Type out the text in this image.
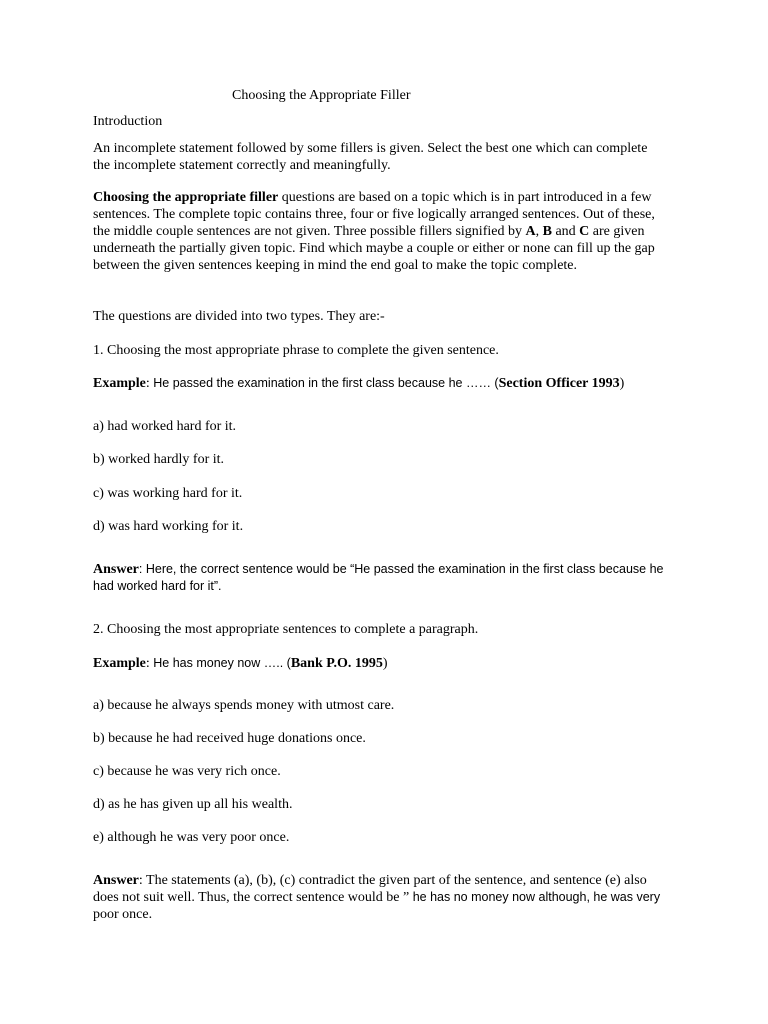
Choosing the Appropriate Filler
Introduction
An incomplete statement followed by some fillers is given. Select the best one which can complete
the incomplete statement correctly and meaningfully.
Choosing the appropriate filler questions are based on a topic which is in part introduced in a few
sentences. The complete topic contains three, four or five logically arranged sentences. Out of these,
the middle couple sentences are not given. Three possible fillers signified by A, B and C are given
underneath the partially given topic. Find which maybe a couple or either or none can fill up the gap
between the given sentences keeping in mind the end goal to make the topic complete.
The questions are divided into two types. They are:-
1. Choosing the most appropriate phrase to complete the given sentence.
Example: He passed the examination in the first class because he …… (Section Officer 1993)
a) had worked hard for it.
b) worked hardly for it.
c) was working hard for it.
d) was hard working for it.
Answer: Here, the correct sentence would be “He passed the examination in the first class because he
had worked hard for it”.
2. Choosing the most appropriate sentences to complete a paragraph.
Example: He has money now ….. (Bank P.O. 1995)
a) because he always spends money with utmost care.
b) because he had received huge donations once.
c) because he was very rich once.
d) as he has given up all his wealth.
e) although he was very poor once.
Answer: The statements (a), (b), (c) contradict the given part of the sentence, and sentence (e) also
does not suit well. Thus, the correct sentence would be ” he has no money now although, he was very
poor once.
